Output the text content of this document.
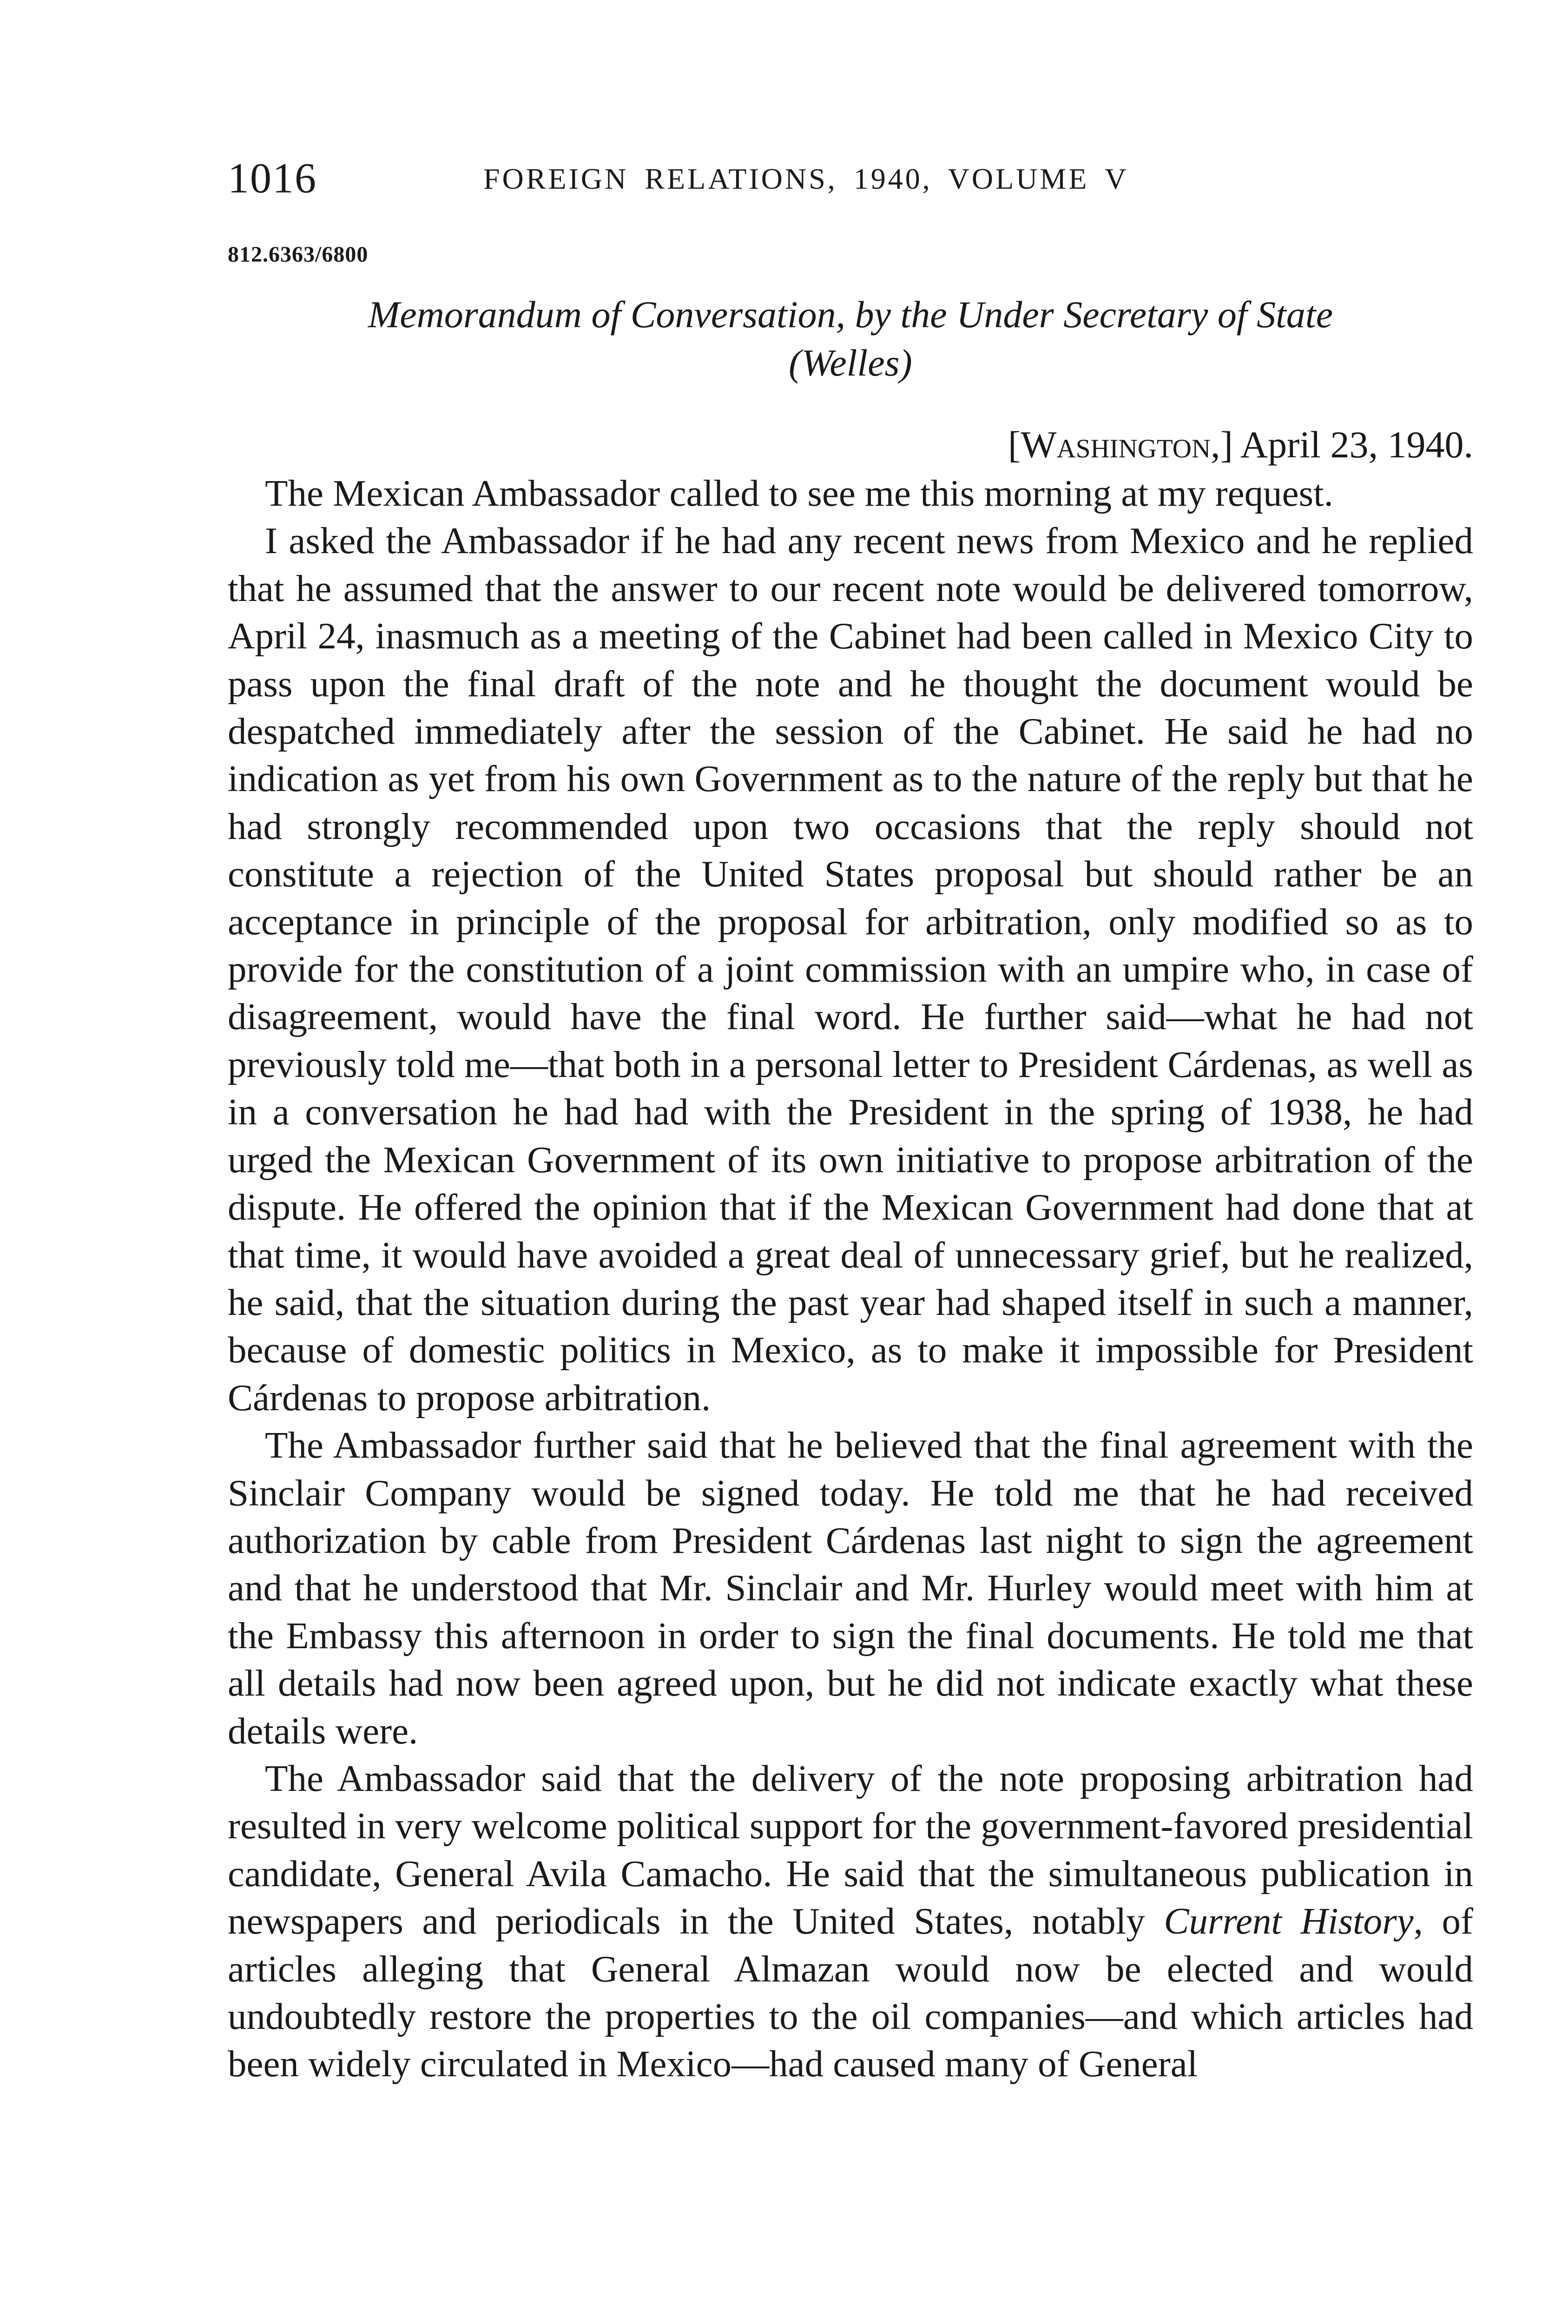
1016	FOREIGN RELATIONS, 1940, VOLUME V
812.6363/6800
Memorandum of Conversation, by the Under Secretary of State
(Welles)
[Washington,] April 23, 1940.

The Mexican Ambassador called to see me this morning at my request.

I asked the Ambassador if he had any recent news from Mexico and he replied that he assumed that the answer to our recent note would be delivered tomorrow, April 24, inasmuch as a meeting of the Cabinet had been called in Mexico City to pass upon the final draft of the note and he thought the document would be despatched immediately after the session of the Cabinet. He said he had no indication as yet from his own Government as to the nature of the reply but that he had strongly recommended upon two occasions that the reply should not constitute a rejection of the United States proposal but should rather be an acceptance in principle of the proposal for arbitration, only modified so as to provide for the constitution of a joint commission with an umpire who, in case of disagreement, would have the final word. He further said—what he had not previously told me—that both in a personal letter to President Cárdenas, as well as in a conversation he had had with the President in the spring of 1938, he had urged the Mexican Government of its own initiative to propose arbitration of the dispute. He offered the opinion that if the Mexican Government had done that at that time, it would have avoided a great deal of unnecessary grief, but he realized, he said, that the situation during the past year had shaped itself in such a manner, because of domestic politics in Mexico, as to make it impossible for President Cárdenas to propose arbitration.

The Ambassador further said that he believed that the final agreement with the Sinclair Company would be signed today. He told me that he had received authorization by cable from President Cárdenas last night to sign the agreement and that he understood that Mr. Sinclair and Mr. Hurley would meet with him at the Embassy this afternoon in order to sign the final documents. He told me that all details had now been agreed upon, but he did not indicate exactly what these details were.

The Ambassador said that the delivery of the note proposing arbitration had resulted in very welcome political support for the government-favored presidential candidate, General Avila Camacho. He said that the simultaneous publication in newspapers and periodicals in the United States, notably Current History, of articles alleging that General Almazan would now be elected and would undoubtedly restore the properties to the oil companies—and which articles had been widely circulated in Mexico—had caused many of General
